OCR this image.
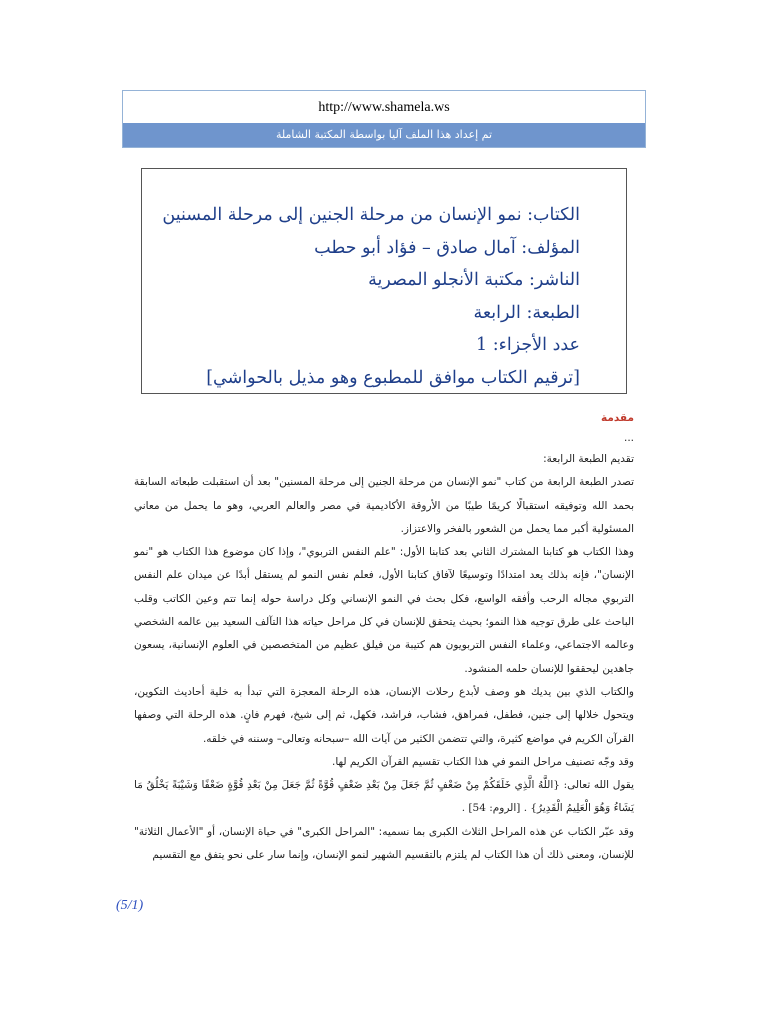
http://www.shamela.ws
تم إعداد هذا الملف آليا بواسطة المكتبة الشاملة
الكتاب: نمو الإنسان من مرحلة الجنين إلى مرحلة المسنين
المؤلف: آمال صادق – فؤاد أبو حطب
الناشر: مكتبة الأنجلو المصرية
الطبعة: الرابعة
عدد الأجزاء: 1
[ترقيم الكتاب موافق للمطبوع وهو مذيل بالحواشي]
مقدمة
...
تقديم الطبعة الرابعة:
تصدر الطبعة الرابعة من كتاب "نمو الإنسان من مرحلة الجنين إلى مرحلة المسنين" بعد أن استقبلت طبعاته السابقة بحمد الله وتوفيقه استقبالًا كريمًا طيبًا من الأروقة الأكاديمية في مصر والعالم العربي، وهو ما يحمل من معاني المسئولية أكبر مما يحمل من الشعور بالفخر والاعتزاز.
وهذا الكتاب هو كتابنا المشترك الثاني بعد كتابنا الأول: "علم النفس التربوي"، وإذا كان موضوع هذا الكتاب هو "نمو الإنسان"، فإنه بذلك يعد امتدادًا وتوسيعًا لآفاق كتابنا الأول، فعلم نفس النمو لم يستقل أبدًا عن ميدان علم النفس التربوي مجاله الرحب وأفقه الواسع، فكل بحث في النمو الإنساني وكل دراسة حوله إنما تتم وعين الكاتب وقلب الباحث على طرق توجيه هذا النمو؛ بحيث يتحقق للإنسان في كل مراحل حياته هذا التآلف السعيد بين عالمه الشخصي وعالمه الاجتماعي، وعلماء النفس التربويون هم كتيبة من فيلق عظيم من المتخصصين في العلوم الإنسانية، يسعون جاهدين ليحققوا للإنسان حلمه المنشود.
والكتاب الذي بين يديك هو وصف لأبدع رحلات الإنسان، هذه الرحلة المعجزة التي تبدأ به خلية أحاديث التكوين، ويتحول خلالها إلى جنين، فطفل، فمراهق، فشاب، فراشد، فكهل، ثم إلى شيخ، فهرم فانٍ. هذه الرحلة التي وصفها القرآن الكريم في مواضع كثيرة، والتي تتضمن الكثير من آيات الله –سبحانه وتعالى– وسننه في خلقه.
وقد وجّه تصنيف مراحل النمو في هذا الكتاب تقسيم القرآن الكريم لها.
يقول الله تعالى: {اللَّهُ الَّذِي خَلَقَكُمْ مِنْ ضَعْفٍ ثُمَّ جَعَلَ مِنْ بَعْدِ ضَعْفٍ قُوَّةً ثُمَّ جَعَلَ مِنْ بَعْدِ قُوَّةٍ ضَعْفًا وَشَيْبَةً يَخْلُقُ مَا يَشَاءُ وَهُوَ الْعَلِيمُ الْقَدِيرُ} . [الروم: 54] .
وقد عبّر الكتاب عن هذه المراحل الثلاث الكبرى بما نسميه: "المراحل الكبرى" في حياة الإنسان، أو "الأعمال الثلاثة" للإنسان، ومعنى ذلك أن هذا الكتاب لم يلتزم بالتقسيم الشهير لنمو الإنسان، وإنما سار على نحو يتفق مع التقسيم
(5/1)
